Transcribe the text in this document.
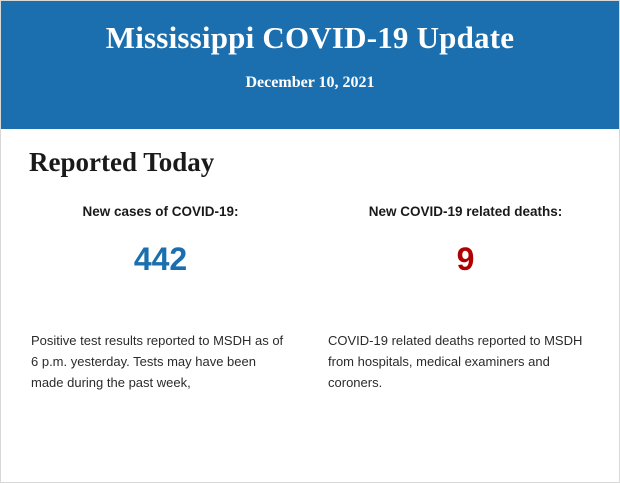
Mississippi COVID-19 Update
December 10, 2021
Reported Today
New cases of COVID-19:
442
Positive test results reported to MSDH as of 6 p.m. yesterday. Tests may have been made during the past week,
New COVID-19 related deaths:
9
COVID-19 related deaths reported to MSDH from hospitals, medical examiners and coroners.
